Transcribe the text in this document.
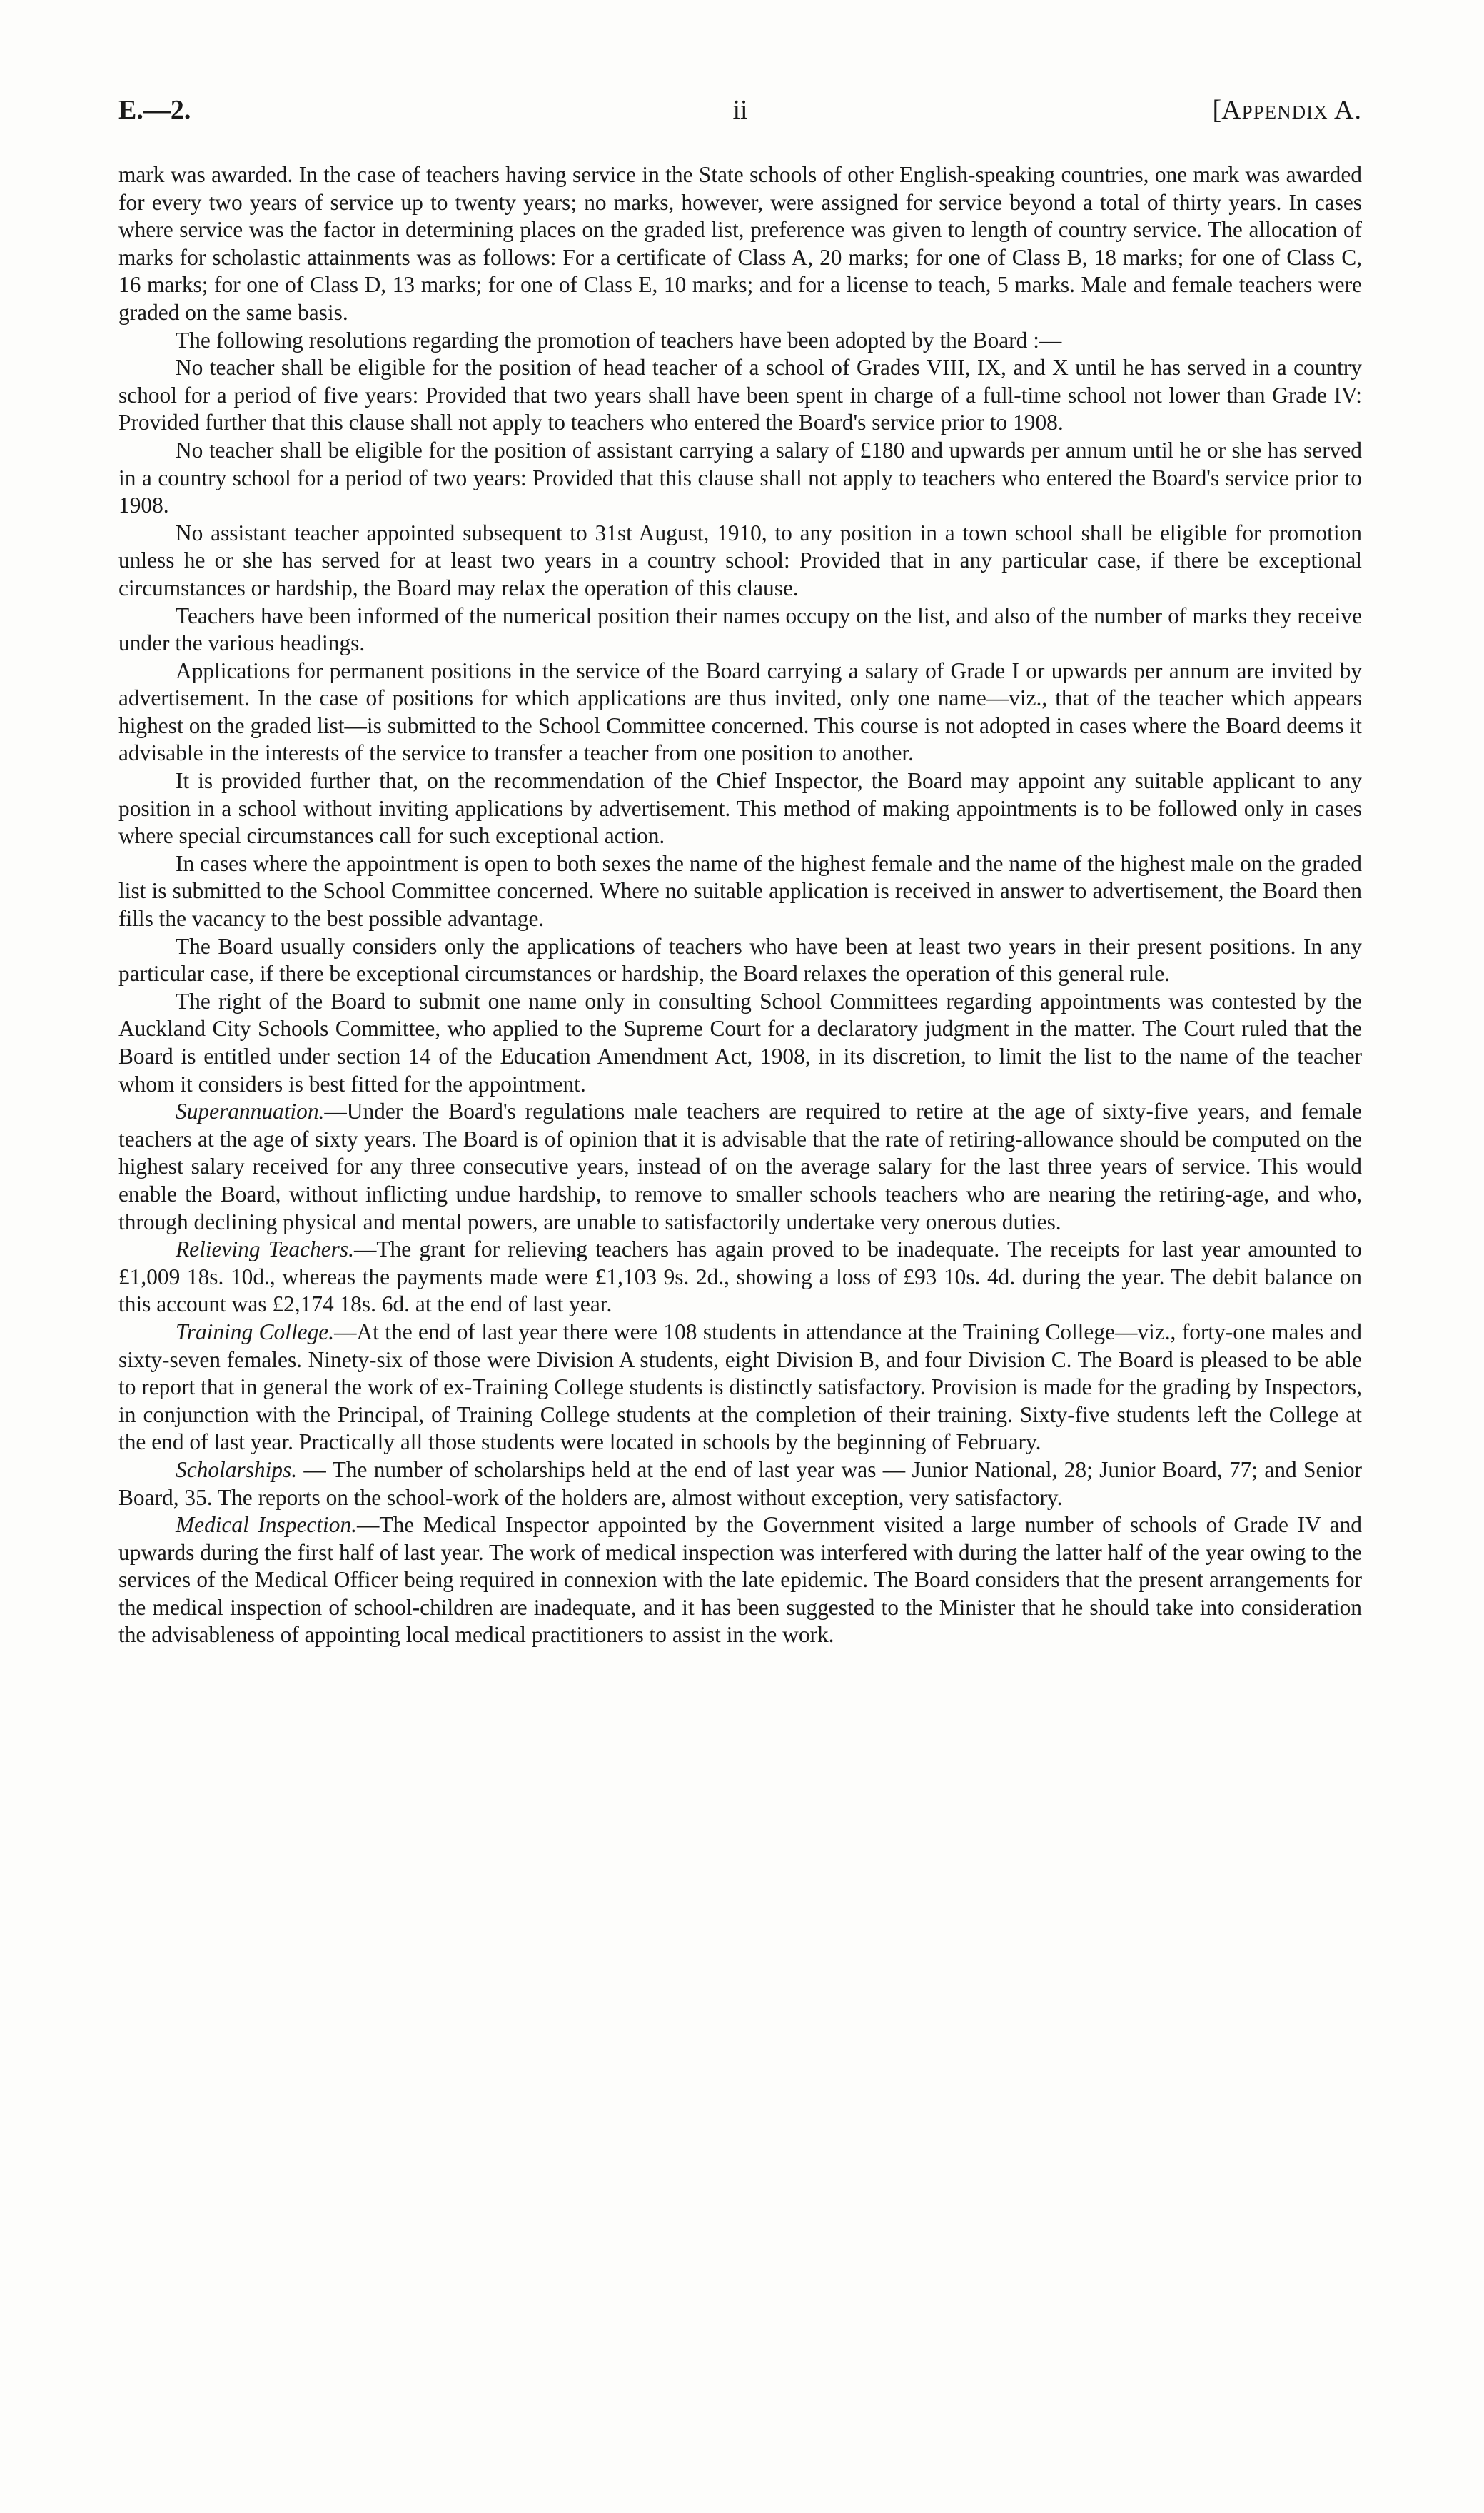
E.—2.	ii	[Appendix A.

mark was awarded. In the case of teachers having service in the State schools of other English-speaking countries, one mark was awarded for every two years of service up to twenty years; no marks, however, were assigned for service beyond a total of thirty years. In cases where service was the factor in determining places on the graded list, preference was given to length of country service. The allocation of marks for scholastic attainments was as follows: For a certificate of Class A, 20 marks; for one of Class B, 18 marks; for one of Class C, 16 marks; for one of Class D, 13 marks; for one of Class E, 10 marks; and for a license to teach, 5 marks. Male and female teachers were graded on the same basis.

The following resolutions regarding the promotion of teachers have been adopted by the Board :—

No teacher shall be eligible for the position of head teacher of a school of Grades VIII, IX, and X until he has served in a country school for a period of five years: Provided that two years shall have been spent in charge of a full-time school not lower than Grade IV: Provided further that this clause shall not apply to teachers who entered the Board's service prior to 1908.

No teacher shall be eligible for the position of assistant carrying a salary of £180 and upwards per annum until he or she has served in a country school for a period of two years: Provided that this clause shall not apply to teachers who entered the Board's service prior to 1908.

No assistant teacher appointed subsequent to 31st August, 1910, to any position in a town school shall be eligible for promotion unless he or she has served for at least two years in a country school: Provided that in any particular case, if there be exceptional circumstances or hardship, the Board may relax the operation of this clause.

Teachers have been informed of the numerical position their names occupy on the list, and also of the number of marks they receive under the various headings.

Applications for permanent positions in the service of the Board carrying a salary of Grade I or upwards per annum are invited by advertisement. In the case of positions for which applications are thus invited, only one name—viz., that of the teacher which appears highest on the graded list—is submitted to the School Committee concerned. This course is not adopted in cases where the Board deems it advisable in the interests of the service to transfer a teacher from one position to another.

It is provided further that, on the recommendation of the Chief Inspector, the Board may appoint any suitable applicant to any position in a school without inviting applications by advertisement. This method of making appointments is to be followed only in cases where special circumstances call for such exceptional action.

In cases where the appointment is open to both sexes the name of the highest female and the name of the highest male on the graded list is submitted to the School Committee concerned. Where no suitable application is received in answer to advertisement, the Board then fills the vacancy to the best possible advantage.

The Board usually considers only the applications of teachers who have been at least two years in their present positions. In any particular case, if there be exceptional circumstances or hardship, the Board relaxes the operation of this general rule.

The right of the Board to submit one name only in consulting School Committees regarding appointments was contested by the Auckland City Schools Committee, who applied to the Supreme Court for a declaratory judgment in the matter. The Court ruled that the Board is entitled under section 14 of the Education Amendment Act, 1908, in its discretion, to limit the list to the name of the teacher whom it considers is best fitted for the appointment.

Superannuation.—Under the Board's regulations male teachers are required to retire at the age of sixty-five years, and female teachers at the age of sixty years. The Board is of opinion that it is advisable that the rate of retiring-allowance should be computed on the highest salary received for any three consecutive years, instead of on the average salary for the last three years of service. This would enable the Board, without inflicting undue hardship, to remove to smaller schools teachers who are nearing the retiring-age, and who, through declining physical and mental powers, are unable to satisfactorily undertake very onerous duties.

Relieving Teachers.—The grant for relieving teachers has again proved to be inadequate. The receipts for last year amounted to £1,009 18s. 10d., whereas the payments made were £1,103 9s. 2d., showing a loss of £93 10s. 4d. during the year. The debit balance on this account was £2,174 18s. 6d. at the end of last year.

Training College.—At the end of last year there were 108 students in attendance at the Training College—viz., forty-one males and sixty-seven females. Ninety-six of those were Division A students, eight Division B, and four Division C. The Board is pleased to be able to report that in general the work of ex-Training College students is distinctly satisfactory. Provision is made for the grading by Inspectors, in conjunction with the Principal, of Training College students at the completion of their training. Sixty-five students left the College at the end of last year. Practically all those students were located in schools by the beginning of February.

Scholarships. — The number of scholarships held at the end of last year was — Junior National, 28; Junior Board, 77; and Senior Board, 35. The reports on the school-work of the holders are, almost without exception, very satisfactory.

Medical Inspection.—The Medical Inspector appointed by the Government visited a large number of schools of Grade IV and upwards during the first half of last year. The work of medical inspection was interfered with during the latter half of the year owing to the services of the Medical Officer being required in connexion with the late epidemic. The Board considers that the present arrangements for the medical inspection of school-children are inadequate, and it has been suggested to the Minister that he should take into consideration the advisableness of appointing local medical practitioners to assist in the work.
